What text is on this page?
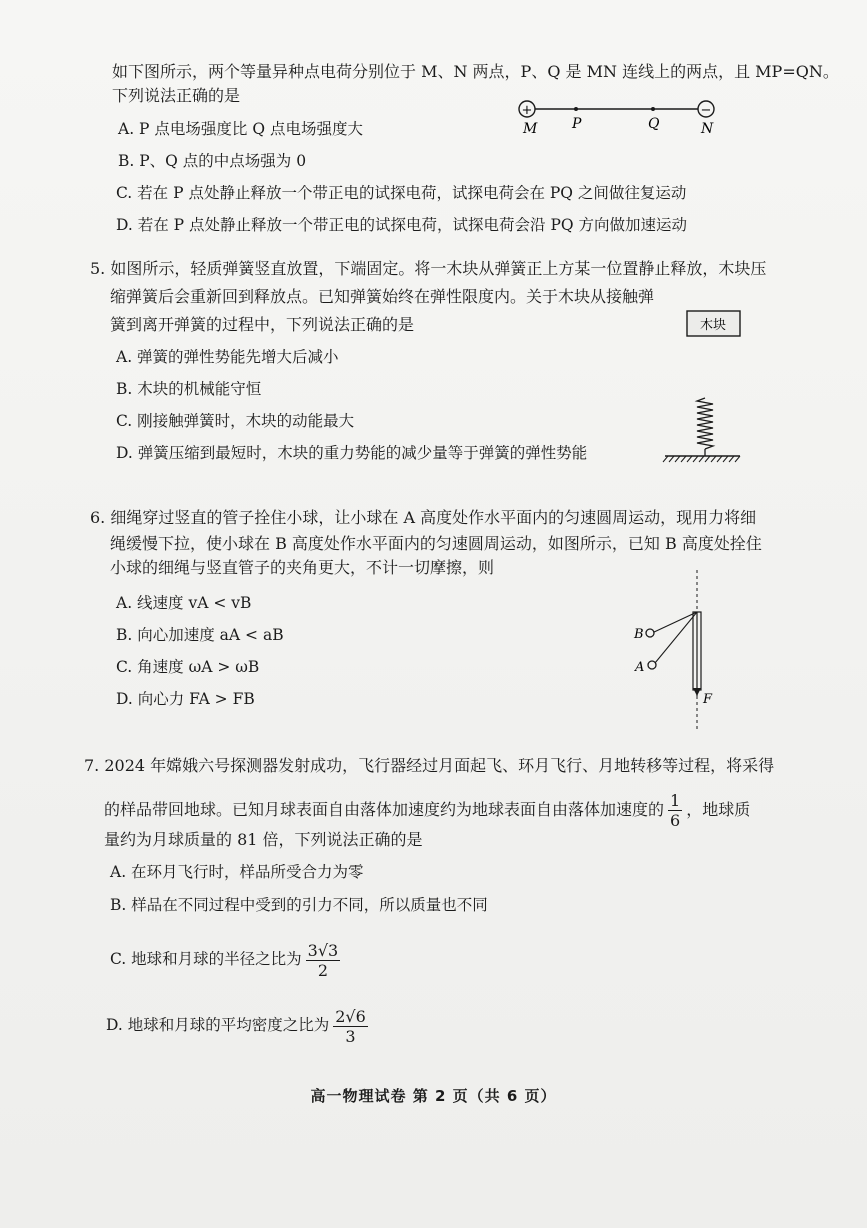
如下图所示，两个等量异种点电荷分别位于 M、N 两点，P、Q 是 MN 连线上的两点，且 MP=QN。
下列说法正确的是
+	−
M P	Q	N
A. P 点电场强度比 Q 点电场强度大
B. P、Q 点的中点场强为 0
C. 若在 P 点处静止释放一个带正电的试探电荷，试探电荷会在 PQ 之间做往复运动
D. 若在 P 点处静止释放一个带正电的试探电荷，试探电荷会沿 PQ 方向做加速运动
5. 如图所示，轻质弹簧竖直放置，下端固定。将一木块从弹簧正上方某一位置静止释放，木块压
缩弹簧后会重新回到释放点。已知弹簧始终在弹性限度内。关于木块从接触弹
簧到离开弹簧的过程中，下列说法正确的是	木块
A. 弹簧的弹性势能先增大后减小
B. 木块的机械能守恒
C. 刚接触弹簧时，木块的动能最大
D. 弹簧压缩到最短时，木块的重力势能的减少量等于弹簧的弹性势能
6. 细绳穿过竖直的管子拴住小球，让小球在 A 高度处作水平面内的匀速圆周运动，现用力将细
绳缓慢下拉，使小球在 B 高度处作水平面内的匀速圆周运动，如图所示，已知 B 高度处拴住
小球的细绳与竖直管子的夹角更大，不计一切摩擦，则
B
A
F
A. 线速度 vA < vB
B. 向心加速度 aA < aB
C. 角速度 ωA > ωB
D. 向心力 FA > FB
7. 2024 年嫦娥六号探测器发射成功，飞行器经过月面起飞、环月飞行、月地转移等过程，将采得
的样品带回地球。已知月球表面自由落体加速度约为地球表面自由落体加速度的 $\frac{1}{6}$ ，地球质
量约为月球质量的 81 倍，下列说法正确的是
A. 在环月飞行时，样品所受合力为零
B. 样品在不同过程中受到的引力不同，所以质量也不同
C. 地球和月球的半径之比为 $\frac{3√3}{2}$
D. 地球和月球的平均密度之比为 $\frac{2√6}{3}$
高一物理试卷 第 2 页（共 6 页）
